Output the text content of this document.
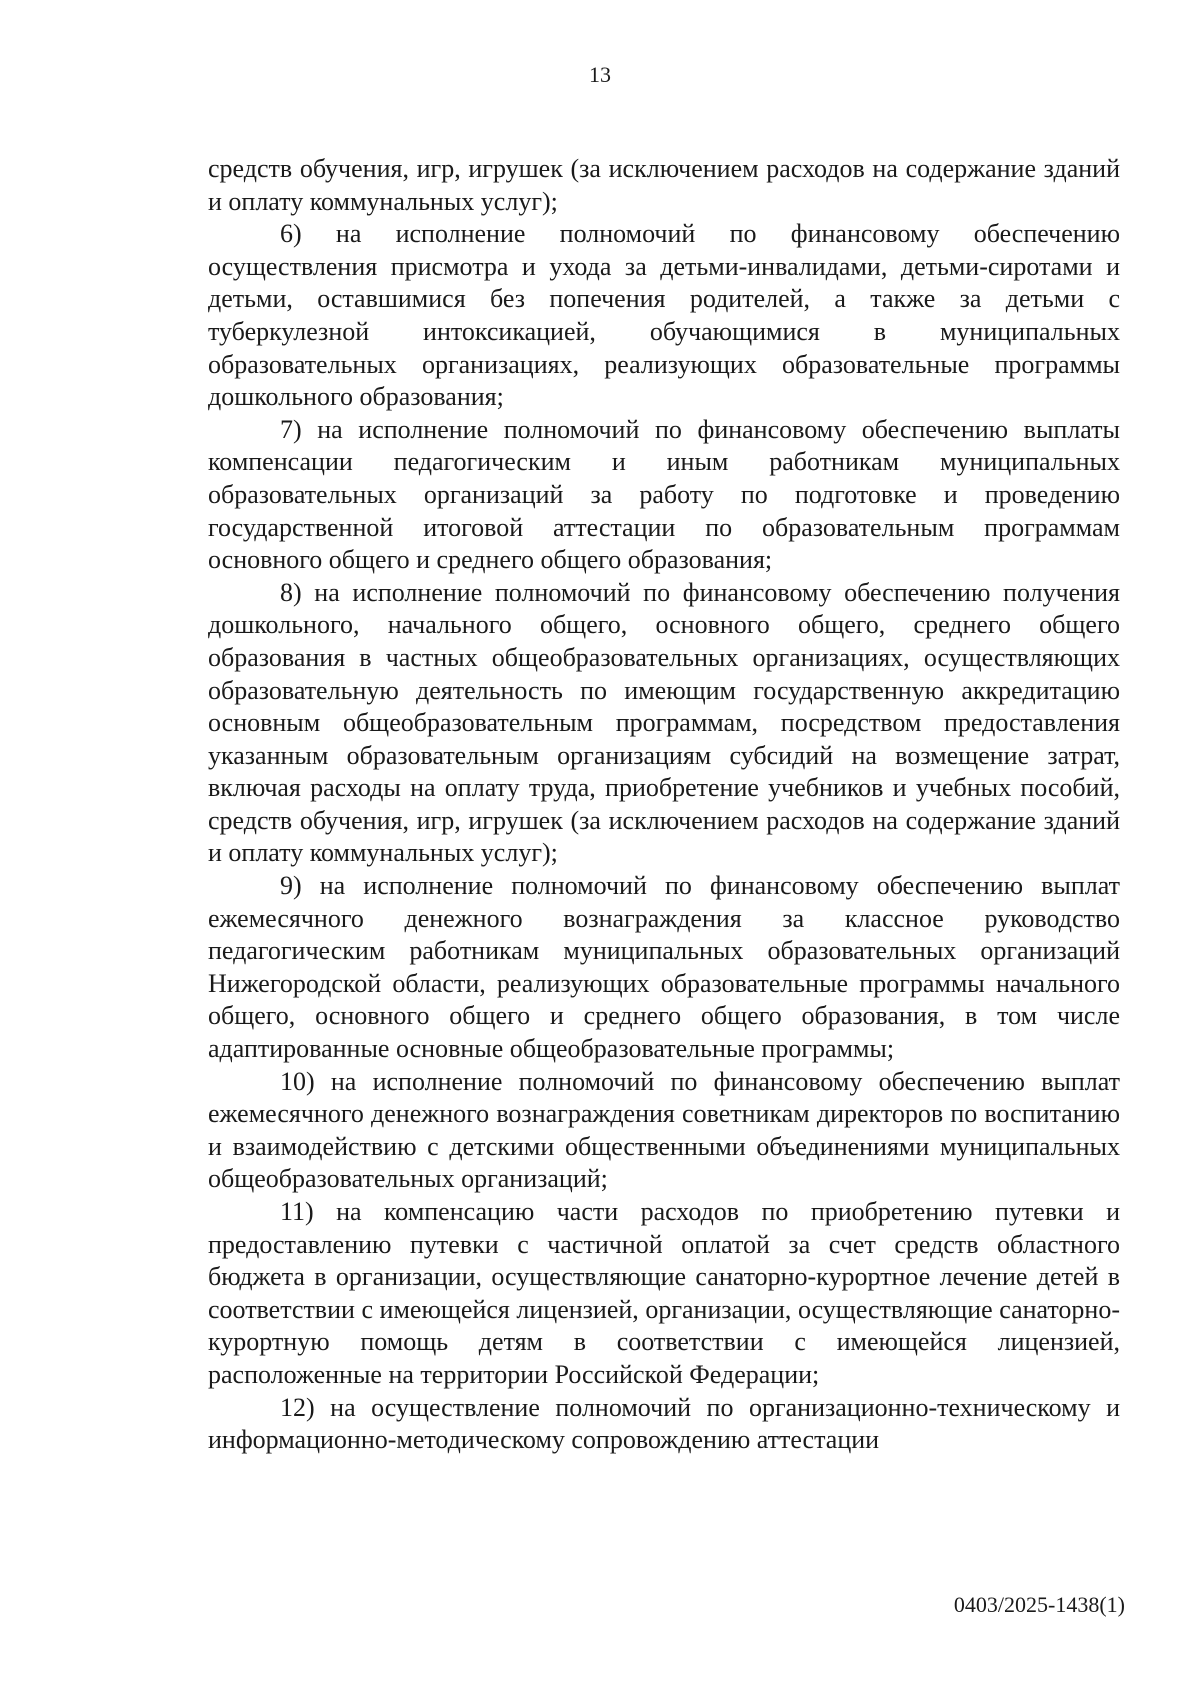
13

средств обучения, игр, игрушек (за исключением расходов на содержание зданий и оплату коммунальных услуг);

6) на исполнение полномочий по финансовому обеспечению осуществления присмотра и ухода за детьми-инвалидами, детьми-сиротами и детьми, оставшимися без попечения родителей, а также за детьми с туберкулезной интоксикацией, обучающимися в муниципальных образовательных организациях, реализующих образовательные программы дошкольного образования;

7) на исполнение полномочий по финансовому обеспечению выплаты компенсации педагогическим и иным работникам муниципальных образовательных организаций за работу по подготовке и проведению государственной итоговой аттестации по образовательным программам основного общего и среднего общего образования;

8) на исполнение полномочий по финансовому обеспечению получения дошкольного, начального общего, основного общего, среднего общего образования в частных общеобразовательных организациях, осуществляющих образовательную деятельность по имеющим государственную аккредитацию основным общеобразовательным программам, посредством предоставления указанным образовательным организациям субсидий на возмещение затрат, включая расходы на оплату труда, приобретение учебников и учебных пособий, средств обучения, игр, игрушек (за исключением расходов на содержание зданий и оплату коммунальных услуг);

9) на исполнение полномочий по финансовому обеспечению выплат ежемесячного денежного вознаграждения за классное руководство педагогическим работникам муниципальных образовательных организаций Нижегородской области, реализующих образовательные программы начального общего, основного общего и среднего общего образования, в том числе адаптированные основные общеобразовательные программы;

10) на исполнение полномочий по финансовому обеспечению выплат ежемесячного денежного вознаграждения советникам директоров по воспитанию и взаимодействию с детскими общественными объединениями муниципальных общеобразовательных организаций;

11) на компенсацию части расходов по приобретению путевки и предоставлению путевки с частичной оплатой за счет средств областного бюджета в организации, осуществляющие санаторно-курортное лечение детей в соответствии с имеющейся лицензией, организации, осуществляющие санаторно-курортную помощь детям в соответствии с имеющейся лицензией, расположенные на территории Российской Федерации;

12) на осуществление полномочий по организационно-техническому и информационно-методическому сопровождению аттестации

0403/2025-1438(1)
